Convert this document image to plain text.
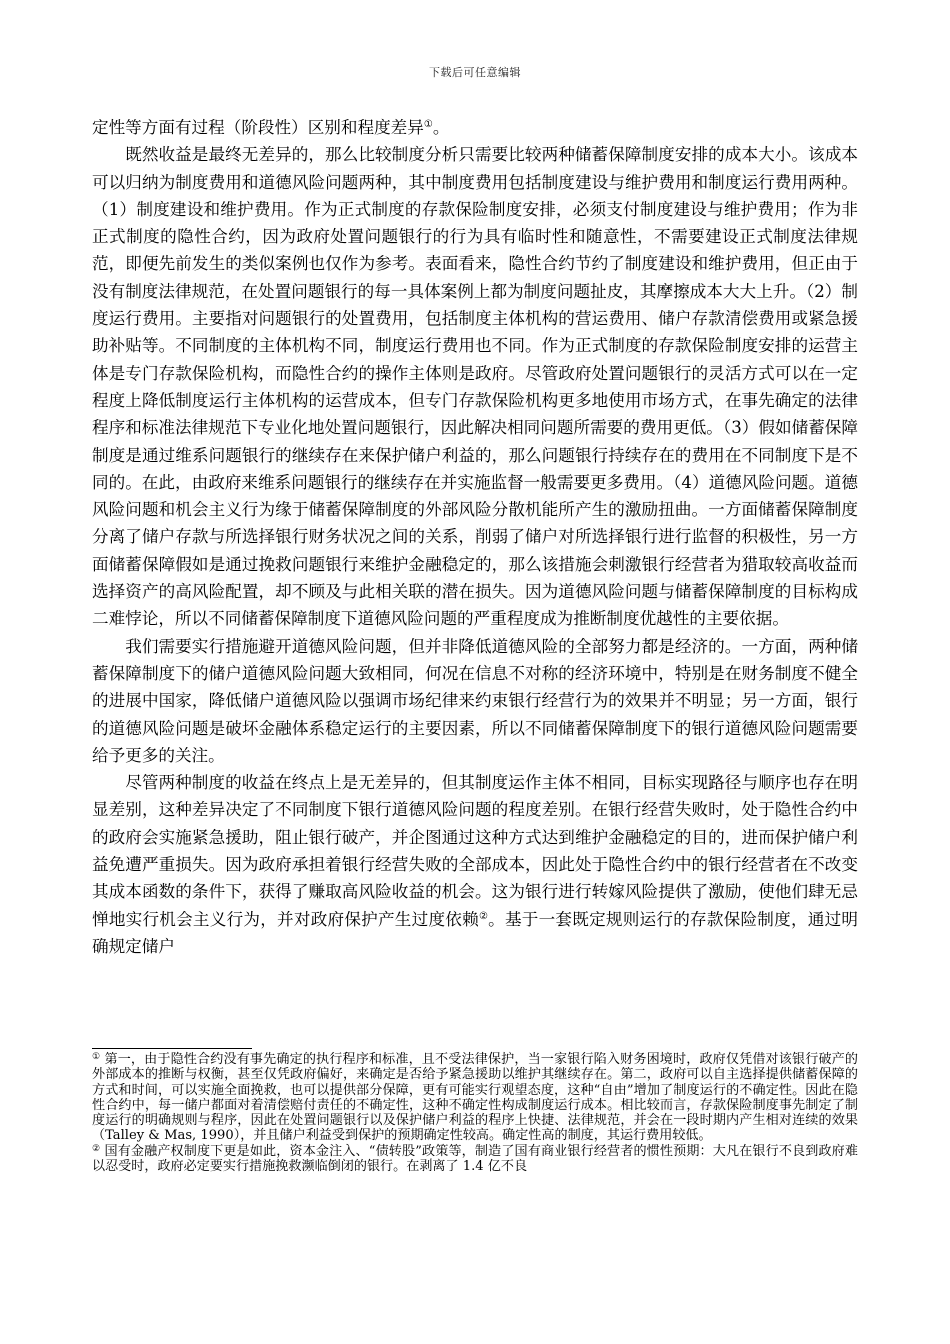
下载后可任意编辑

定性等方面有过程（阶段性）区别和程度差异①。

既然收益是最终无差异的，那么比较制度分析只需要比较两种储蓄保障制度安排的成本大小。该成本可以归纳为制度费用和道德风险问题两种，其中制度费用包括制度建设与维护费用和制度运行费用两种。（1）制度建设和维护费用。作为正式制度的存款保险制度安排，必须支付制度建设与维护费用；作为非正式制度的隐性合约，因为政府处置问题银行的行为具有临时性和随意性，不需要建设正式制度法律规范，即便先前发生的类似案例也仅作为参考。表面看来，隐性合约节约了制度建设和维护费用，但正由于没有制度法律规范，在处置问题银行的每一具体案例上都为制度问题扯皮，其摩擦成本大大上升。（2）制度运行费用。主要指对问题银行的处置费用，包括制度主体机构的营运费用、储户存款清偿费用或紧急援助补贴等。不同制度的主体机构不同，制度运行费用也不同。作为正式制度的存款保险制度安排的运营主体是专门存款保险机构，而隐性合约的操作主体则是政府。尽管政府处置问题银行的灵活方式可以在一定程度上降低制度运行主体机构的运营成本，但专门存款保险机构更多地使用市场方式，在事先确定的法律程序和标准法律规范下专业化地处置问题银行，因此解决相同问题所需要的费用更低。（3）假如储蓄保障制度是通过维系问题银行的继续存在来保护储户利益的，那么问题银行持续存在的费用在不同制度下是不同的。在此，由政府来维系问题银行的继续存在并实施监督一般需要更多费用。（4）道德风险问题。道德风险问题和机会主义行为缘于储蓄保障制度的外部风险分散机能所产生的激励扭曲。一方面储蓄保障制度分离了储户存款与所选择银行财务状况之间的关系，削弱了储户对所选择银行进行监督的积极性，另一方面储蓄保障假如是通过挽救问题银行来维护金融稳定的，那么该措施会刺激银行经营者为猎取较高收益而选择资产的高风险配置，却不顾及与此相关联的潜在损失。因为道德风险问题与储蓄保障制度的目标构成二难悖论，所以不同储蓄保障制度下道德风险问题的严重程度成为推断制度优越性的主要依据。

我们需要实行措施避开道德风险问题，但并非降低道德风险的全部努力都是经济的。一方面，两种储蓄保障制度下的储户道德风险问题大致相同，何况在信息不对称的经济环境中，特别是在财务制度不健全的进展中国家，降低储户道德风险以强调市场纪律来约束银行经营行为的效果并不明显；另一方面，银行的道德风险问题是破坏金融体系稳定运行的主要因素，所以不同储蓄保障制度下的银行道德风险问题需要给予更多的关注。

尽管两种制度的收益在终点上是无差异的，但其制度运作主体不相同，目标实现路径与顺序也存在明显差别，这种差异决定了不同制度下银行道德风险问题的程度差别。在银行经营失败时，处于隐性合约中的政府会实施紧急援助，阻止银行破产，并企图通过这种方式达到维护金融稳定的目的，进而保护储户利益免遭严重损失。因为政府承担着银行经营失败的全部成本，因此处于隐性合约中的银行经营者在不改变其成本函数的条件下，获得了赚取高风险收益的机会。这为银行进行转嫁风险提供了激励，使他们肆无忌惮地实行机会主义行为，并对政府保护产生过度依赖②。基于一套既定规则运行的存款保险制度，通过明确规定储户

① 第一，由于隐性合约没有事先确定的执行程序和标准，且不受法律保护，当一家银行陷入财务困境时，政府仅凭借对该银行破产的外部成本的推断与权衡，甚至仅凭政府偏好，来确定是否给予紧急援助以维护其继续存在。第二，政府可以自主选择提供储蓄保障的方式和时间，可以实施全面挽救，也可以提供部分保障，更有可能实行观望态度，这种“自由”增加了制度运行的不确定性。因此在隐性合约中，每一储户都面对着清偿赔付责任的不确定性，这种不确定性构成制度运行成本。相比较而言，存款保险制度事先制定了制度运行的明确规则与程序，因此在处置问题银行以及保护储户利益的程序上快捷、法律规范，并会在一段时期内产生相对连续的效果（Talley & Mas, 1990），并且储户利益受到保护的预期确定性较高。确定性高的制度，其运行费用较低。

② 国有金融产权制度下更是如此，资本金注入、“债转股”政策等，制造了国有商业银行经营者的惯性预期：大凡在银行不良到政府难以忍受时，政府必定要实行措施挽救濒临倒闭的银行。在剥离了 1.4 亿不良
